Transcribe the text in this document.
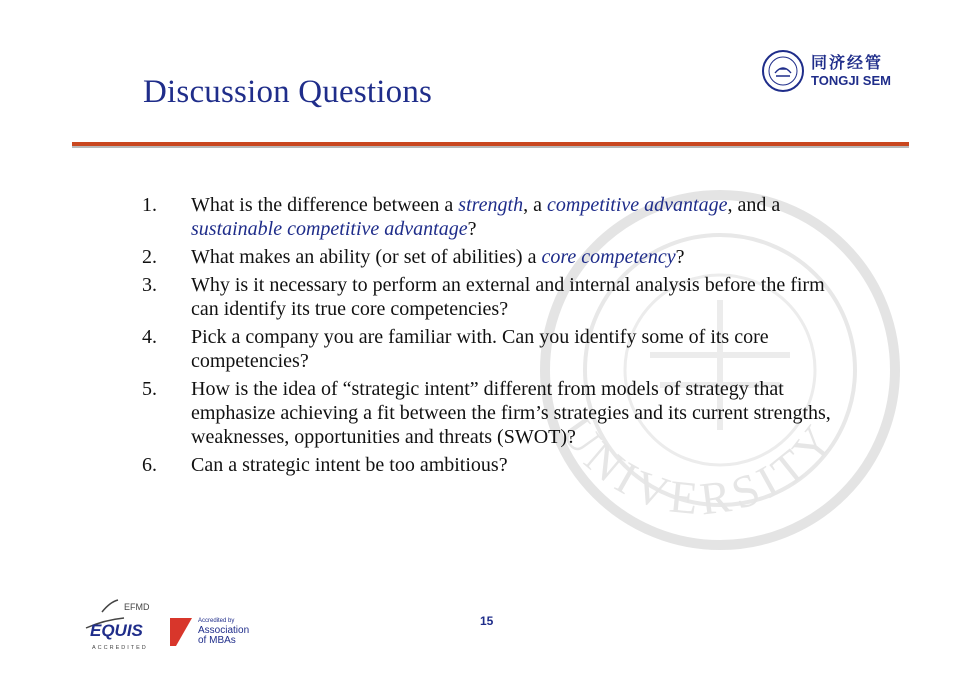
Discussion Questions
同济经管
TONGJI SEM
UNIVERSITY
1.	What is the difference between a strength, a competitive advantage, and a sustainable competitive advantage?
2.	What makes an ability (or set of abilities) a core competency?
3.	Why is it necessary to perform an external and internal analysis before the firm can identify its true core competencies?
4.	Pick a company you are familiar with. Can you identify some of its core competencies?
5.	How is the idea of “strategic intent” different from models of strategy that emphasize achieving a fit between the firm’s strategies and its current strengths, weaknesses, opportunities and threats (SWOT)?
6.	Can a strategic intent be too ambitious?
EFMD
EQUIS
ACCREDITED
Accredited by
Association
of MBAs
15
